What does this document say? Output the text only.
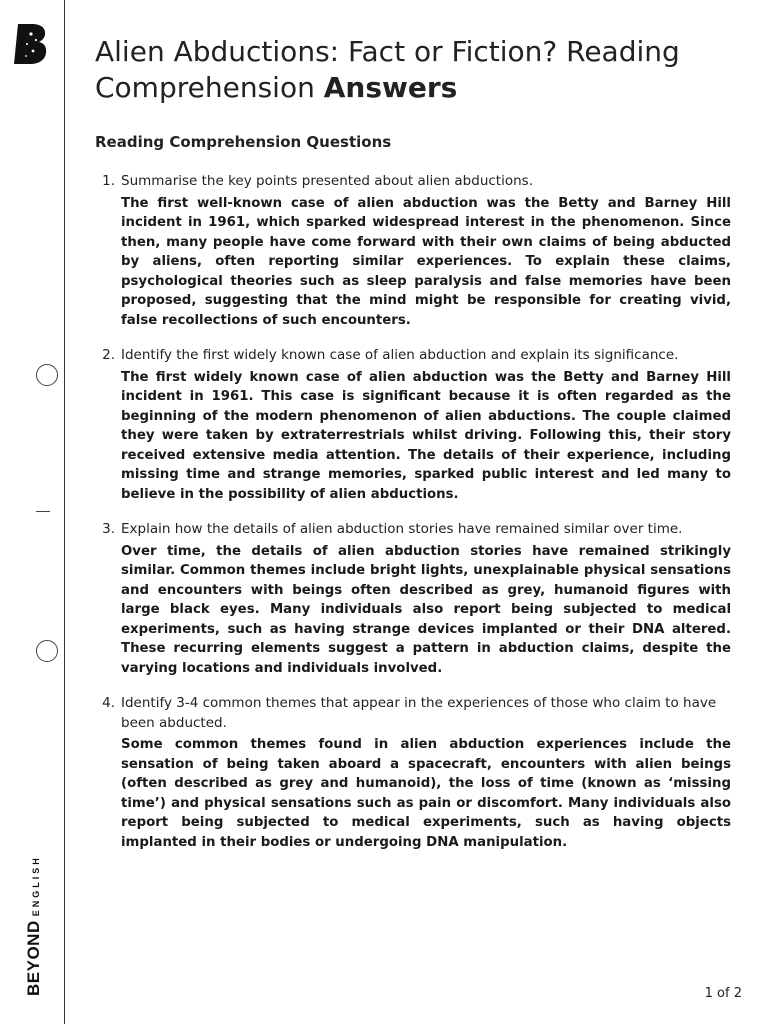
BEYONDENGLISH
Alien Abductions: Fact or Fiction? Reading Comprehension Answers
Reading Comprehension Questions
1. Summarise the key points presented about alien abductions.

The first well-known case of alien abduction was the Betty and Barney Hill incident in 1961, which sparked widespread interest in the phenomenon. Since then, many people have come forward with their own claims of being abducted by aliens, often reporting similar experiences. To explain these claims, psychological theories such as sleep paralysis and false memories have been proposed, suggesting that the mind might be responsible for creating vivid, false recollections of such encounters.

2. Identify the first widely known case of alien abduction and explain its significance.

The first widely known case of alien abduction was the Betty and Barney Hill incident in 1961. This case is significant because it is often regarded as the beginning of the modern phenomenon of alien abductions. The couple claimed they were taken by extraterrestrials whilst driving. Following this, their story received extensive media attention. The details of their experience, including missing time and strange memories, sparked public interest and led many to believe in the possibility of alien abductions.

3. Explain how the details of alien abduction stories have remained similar over time.

Over time, the details of alien abduction stories have remained strikingly similar. Common themes include bright lights, unexplainable physical sensations and encounters with beings often described as grey, humanoid figures with large black eyes. Many individuals also report being subjected to medical experiments, such as having strange devices implanted or their DNA altered. These recurring elements suggest a pattern in abduction claims, despite the varying locations and individuals involved.

4. Identify 3-4 common themes that appear in the experiences of those who claim to have been abducted.

Some common themes found in alien abduction experiences include the sensation of being taken aboard a spacecraft, encounters with alien beings (often described as grey and humanoid), the loss of time (known as ‘missing time’) and physical sensations such as pain or discomfort. Many individuals also report being subjected to medical experiments, such as having objects implanted in their bodies or undergoing DNA manipulation.

1 of 2
